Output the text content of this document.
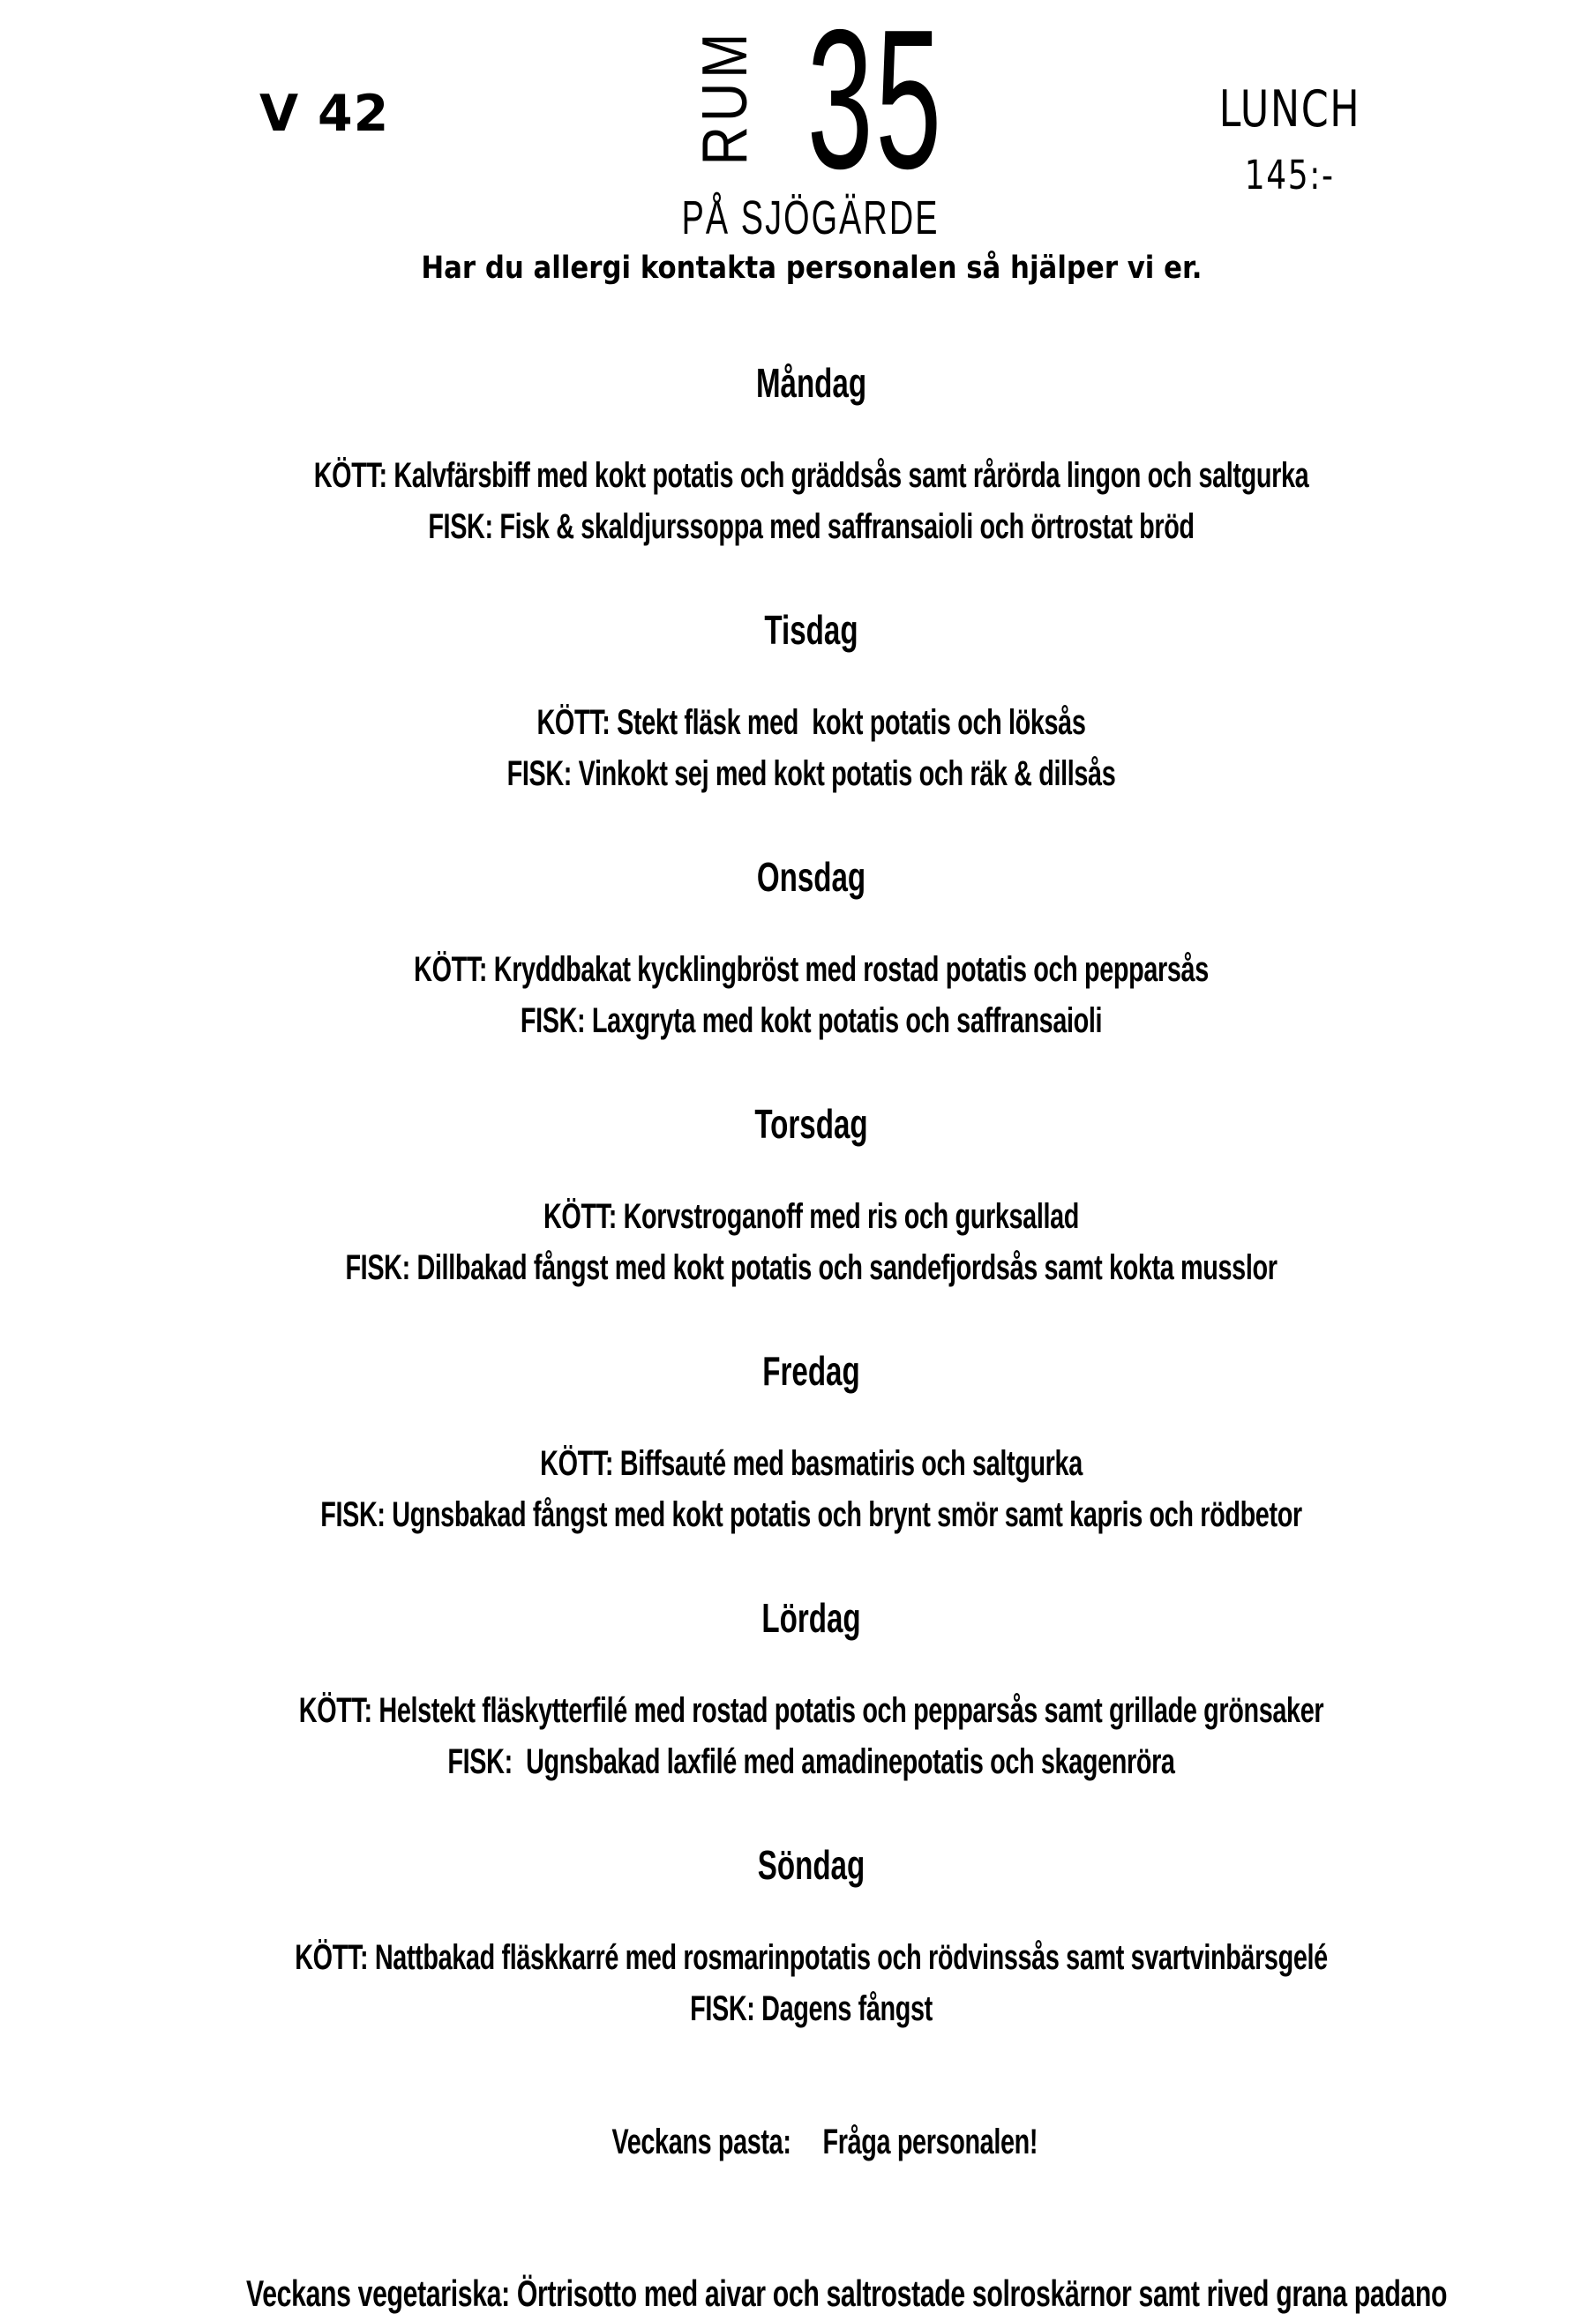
V 42	RUM 35
PÅ SJÖGÄRDE
LUNCH
145:-
Har du allergi kontakta personalen så hjälper vi er.
Måndag

KÖTT: Kalvfärsbiff med kokt potatis och gräddsås samt rårörda lingon och saltgurka

FISK: Fisk & skaldjurssoppa med saffransaioli och örtrostat bröd

Tisdag

KÖTT: Stekt fläsk med  kokt potatis och löksås

FISK: Vinkokt sej med kokt potatis och räk & dillsås

Onsdag

KÖTT: Kryddbakat kycklingbröst med rostad potatis och pepparsås

FISK: Laxgryta med kokt potatis och saffransaioli

Torsdag

KÖTT: Korvstroganoff med ris och gurksallad

FISK: Dillbakad fångst med kokt potatis och sandefjordsås samt kokta musslor

Fredag

KÖTT: Biffsauté med basmatiris och saltgurka

FISK: Ugnsbakad fångst med kokt potatis och brynt smör samt kapris och rödbetor

Lördag

KÖTT: Helstekt fläskytterfilé med rostad potatis och pepparsås samt grillade grönsaker

FISK:  Ugnsbakad laxfilé med amadinepotatis och skagenröra

Söndag

KÖTT: Nattbakad fläskkarré med rosmarinpotatis och rödvinssås samt svartvinbärsgelé

FISK: Dagens fångst

Veckans pasta: Fråga personalen!

Veckans vegetariska: Örtrisotto med aivar och saltrostade solroskärnor samt rived grana padano
